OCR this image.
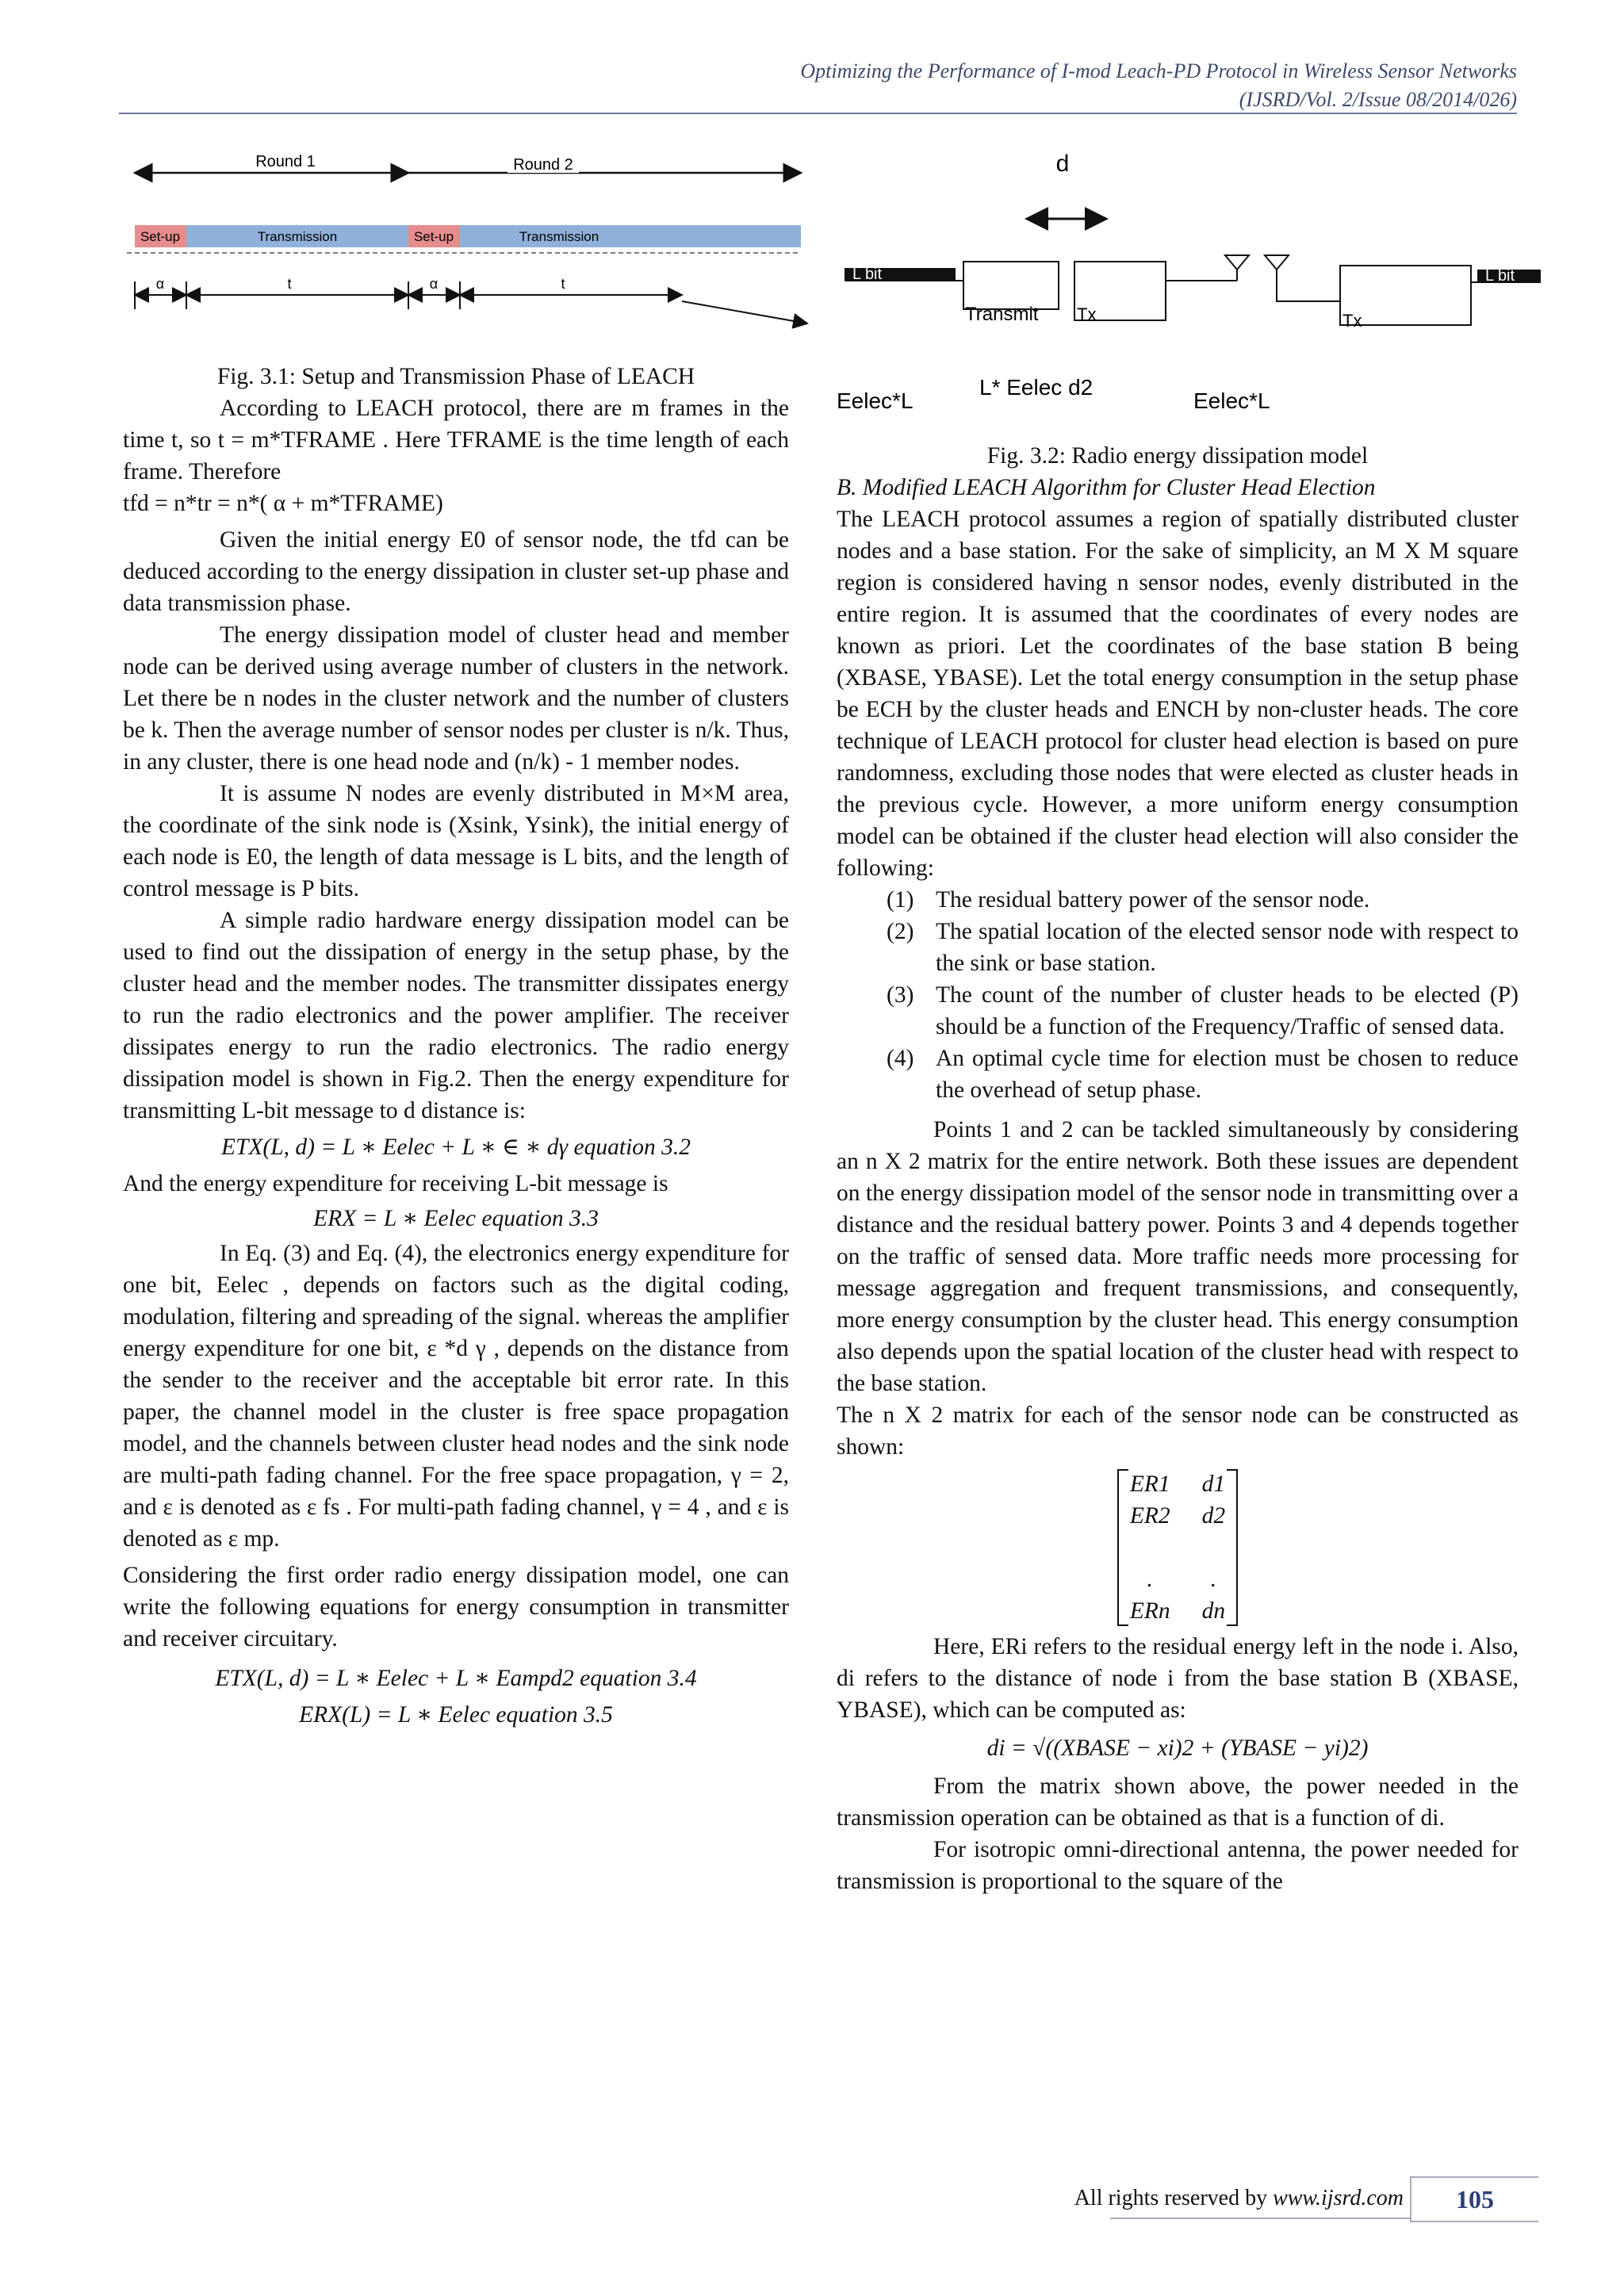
Optimizing the Performance of I-mod Leach-PD Protocol in Wireless Sensor Networks
(IJSRD/Vol. 2/Issue 08/2014/026)
Round 1	Round 2
Set-up	Transmission	Set-up	Transmission
α	t	α	t
d
L bit
Transmit Tx	Tx
L bit
Eelec*L
L* Eelec d2
Eelec*L

Fig. 3.1: Setup and Transmission Phase of LEACH

According to LEACH protocol, there are m frames in the time t, so t = m*TFRAME . Here TFRAME is the time length of each frame. Therefore

tfd = n*tr = n*( α + m*TFRAME)

Given the initial energy E0 of sensor node, the tfd can be deduced according to the energy dissipation in cluster set-up phase and data transmission phase.

The energy dissipation model of cluster head and member node can be derived using average number of clusters in the network. Let there be n nodes in the cluster network and the number of clusters be k. Then the average number of sensor nodes per cluster is n/k. Thus, in any cluster, there is one head node and (n/k) - 1 member nodes.

It is assume N nodes are evenly distributed in M×M area, the coordinate of the sink node is (Xsink, Ysink), the initial energy of each node is E0, the length of data message is L bits, and the length of control message is P bits.

A simple radio hardware energy dissipation model can be used to find out the dissipation of energy in the setup phase, by the cluster head and the member nodes. The transmitter dissipates energy to run the radio electronics and the power amplifier. The receiver dissipates energy to run the radio electronics. The radio energy dissipation model is shown in Fig.2. Then the energy expenditure for transmitting L-bit message to d distance is:

ETX(L, d) = L ∗ Eelec + L ∗ ∈ ∗ dγ equation 3.2

And the energy expenditure for receiving L-bit message is

ERX = L ∗ Eelec equation 3.3

In Eq. (3) and Eq. (4), the electronics energy expenditure for one bit, Eelec , depends on factors such as the digital coding, modulation, filtering and spreading of the signal. whereas the amplifier energy expenditure for one bit, ε *d γ , depends on the distance from the sender to the receiver and the acceptable bit error rate. In this paper, the channel model in the cluster is free space propagation model, and the channels between cluster head nodes and the sink node are multi-path fading channel. For the free space propagation, γ = 2, and ε is denoted as ε fs . For multi-path fading channel, γ = 4 , and ε is denoted as ε mp.

Considering the first order radio energy dissipation model, one can write the following equations for energy consumption in transmitter and receiver circuitary.

ETX(L, d) = L ∗ Eelec + L ∗ Eampd2 equation 3.4

ERX(L) = L ∗ Eelec equation 3.5

Fig. 3.2: Radio energy dissipation model

B. Modified LEACH Algorithm for Cluster Head Election

The LEACH protocol assumes a region of spatially distributed cluster nodes and a base station. For the sake of simplicity, an M X M square region is considered having n sensor nodes, evenly distributed in the entire region. It is assumed that the coordinates of every nodes are known as priori. Let the coordinates of the base station B being (XBASE, YBASE). Let the total energy consumption in the setup phase be ECH by the cluster heads and ENCH by non-cluster heads. The core technique of LEACH protocol for cluster head election is based on pure randomness, excluding those nodes that were elected as cluster heads in the previous cycle. However, a more uniform energy consumption model can be obtained if the cluster head election will also consider the following:

(1) The residual battery power of the sensor node.
(2) The spatial location of the elected sensor node with respect to the sink or base station.
(3) The count of the number of cluster heads to be elected (P) should be a function of the Frequency/Traffic of sensed data.
(4) An optimal cycle time for election must be chosen to reduce the overhead of setup phase.

Points 1 and 2 can be tackled simultaneously by considering an n X 2 matrix for the entire network. Both these issues are dependent on the energy dissipation model of the sensor node in transmitting over a distance and the residual battery power. Points 3 and 4 depends together on the traffic of sensed data. More traffic needs more processing for message aggregation and frequent transmissions, and consequently, more energy consumption by the cluster head. This energy consumption also depends upon the spatial location of the cluster head with respect to the base station.

The n X 2 matrix for each of the sensor node can be constructed as shown:

ER1 d1
ER2 d2

.	.
ERn dn

Here, ERi refers to the residual energy left in the node i. Also, di refers to the distance of node i from the base station B (XBASE, YBASE), which can be computed as:

di = √((XBASE − xi)2 + (YBASE − yi)2)

From the matrix shown above, the power needed in the transmission operation can be obtained as that is a function of di.

For isotropic omni-directional antenna, the power needed for transmission is proportional to the square of the

All rights reserved by www.ijsrd.com	105
